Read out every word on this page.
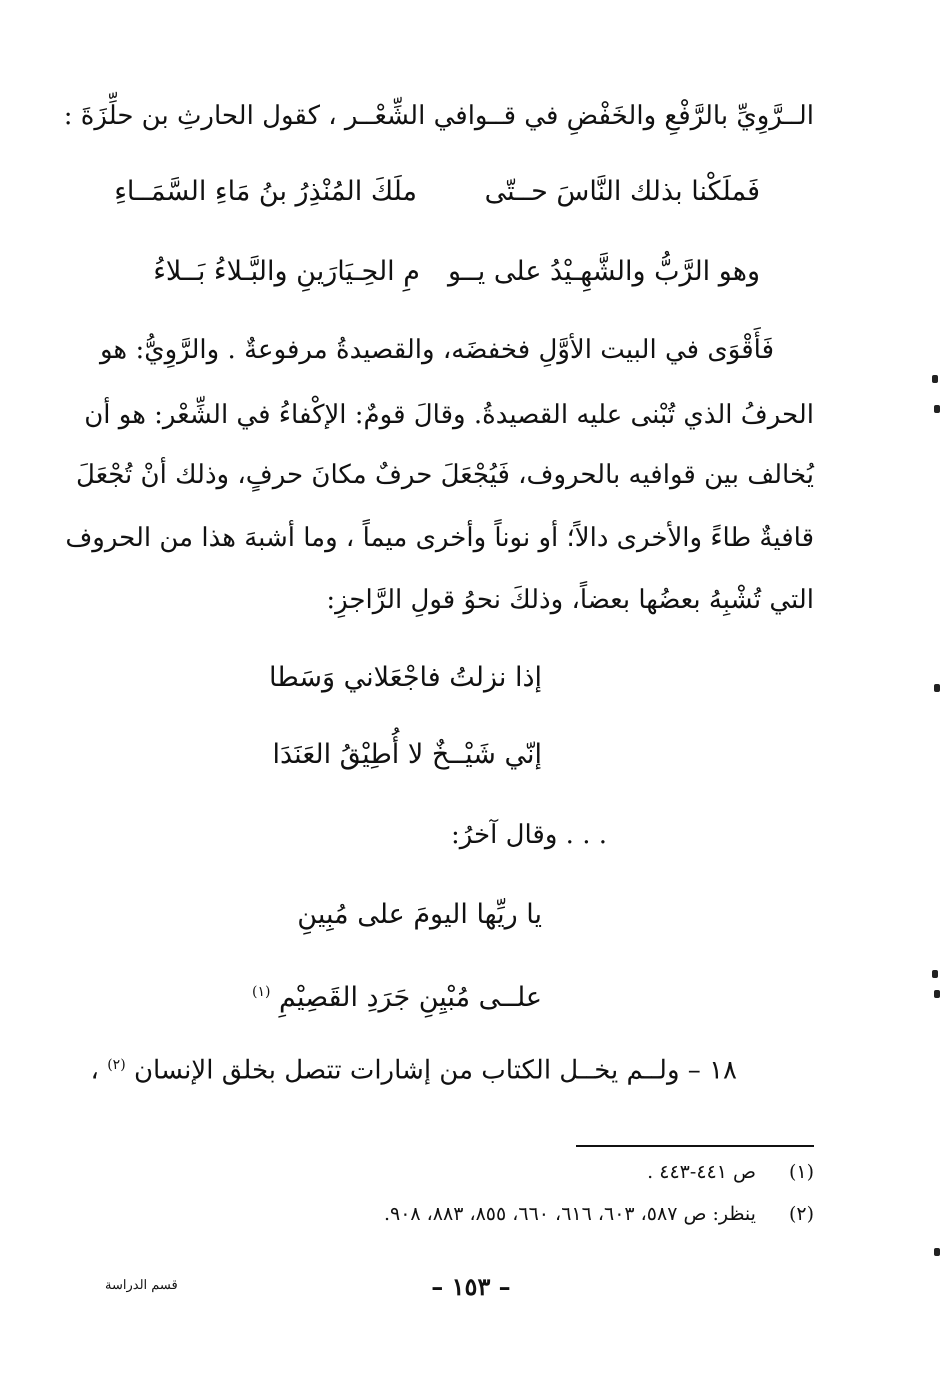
الــرَّوِيِّ بالرَّفْعِ والخَفْضِ في قــوافي الشِّعْــر ، كقول الحارثِ بن حلِّزَةَ :
فَملَكْنا بذلك النَّاسَ حــتّى
ملَكَ المُنْذِرُ بنُ مَاءِ السَّمَــاءِ
وهو الرَّبُّ والشَّهِـيْدُ على يــو
مِ الحِـيَارَينِ والبَّـلاءُ بَــلاءُ
فَأَقْوَى في البيت الأوَّلِ فخفضَه، والقصيدةُ مرفوعةٌ . والرَّوِيُّ: هو
الحرفُ الذي تُبْنى عليه القصيدةُ. وقالَ قومٌ: الإكْفاءُ في الشِّعْر: هو أن
يُخالف بين قوافيه بالحروف، فَيُجْعَلَ حرفٌ مكانَ حرفٍ، وذلك أنْ تُجْعَلَ
قافيةٌ طاءً والأخرى دالاً؛ أو نوناً وأخرى ميماً ، وما أشبهَ هذا من الحروف
التي تُشْبِهُ بعضُها بعضاً، وذلكَ نحوُ قولِ الرَّاجزِ:
إذا نزلتُ فاجْعَلاني وَسَطا
إنّي شَيْــخٌ لا أُطِيْقُ العَنَدَا
. . . وقال آخرُ:
يا ريِّها اليومَ على مُبِينِ
علــى مُبْيِنِ جَرَدِ القَصِيْمِ $^{(١)}$
١٨ – ولــم يخــل الكتاب من إشارات تتصل بخلق الإنسان $^{(٢)}$ ،
(١) ص ٤٤١-٤٤٣ .
(٢) ينظر: ص ٥٨٧، ٦٠٣، ٦١٦، ٦٦٠، ٨٥٥، ٨٨٣، ٩٠٨.
– ١٥٣ –
قسم الدراسة
